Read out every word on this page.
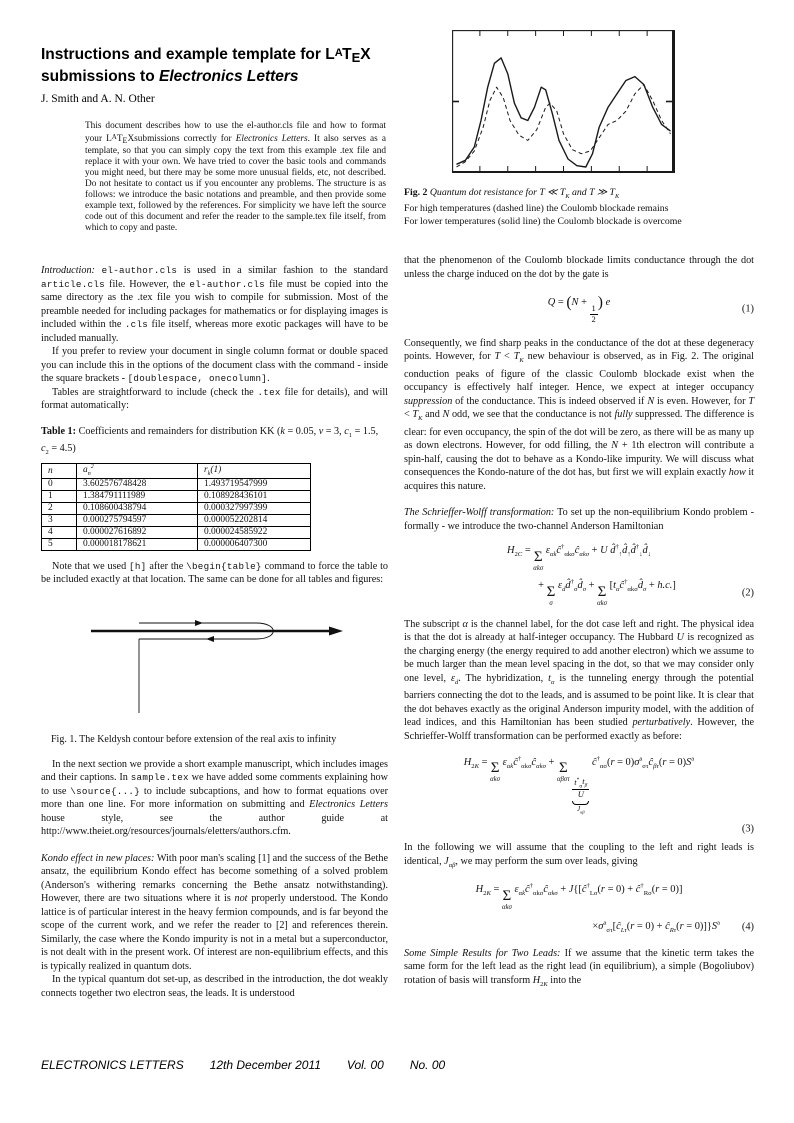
Instructions and example template for LATEX
submissions to Electronics Letters
J. Smith and A. N. Other
This document describes how to use the el-author.cls file and how to format your $L^ATEXsubmissions$ correctly for Electronics Letters. It also serves as a template, so that you can simply copy the text from this example .tex file and replace it with your own. We have tried to cover the basic tools and commands you might need, but there may be some more unusual fields, etc, not described. Do not hesitate to contact us if you encounter any problems. The structure is as follows: we introduce the basic notations and preamble, and then provide some example text, followed by the references. For simplicity we have left the source code out of this document and refer the reader to the sample.tex file itself, from which to copy and paste.

Introduction: el-author.cls is used in a similar fashion to the standard article.cls file. However, the el-author.cls file must be copied into the same directory as the .tex file you wish to compile for submission. Most of the preamble needed for including packages for mathematics or for displaying images is included within the .cls file itself, whereas more exotic packages will have to be included manually.

If you prefer to review your document in single column format or double spaced you can include this in the options of the document class with the command - inside the square brackets - [doublespace, onecolumn].

Tables are straightforward to include (check the .tex file for details), and will format automatically:

Table 1: Coefficients and remainders for distribution KK (k = 0.05, v = 3, $c_1 = 1.5$, $c_2 = 4.5$)
n	$a_n^2$	$r_k(1)$
0	3.602576748428	1.493719547999
1	1.384791111989	0.108928436101
2	0.108600438794	0.000327997399
3	0.000275794597	0.000052202814
4	0.000027616892	0.000024585922
5	0.000018178621	0.000006407300

Note that we used [h] after the \begin{table} command to force the table to be included exactly at that location. The same can be done for all tables and figures:

Fig. 1. The Keldysh contour before extension of the real axis to infinity

In the next section we provide a short example manuscript, which includes images and their captions. In sample.tex we have added some comments explaining how to use \source{...} to include subcaptions, and how to format equations over more than one line. For more information on submitting and Electronics Letters house style, see the author guide at http://www.theiet.org/resources/journals/eletters/authors.cfm.

Kondo effect in new places: With poor man's scaling [1] and the success of the Bethe ansatz, the equilibrium Kondo effect has become something of a solved problem (Anderson's withering remarks concerning the Bethe ansatz notwithstanding). However, there are two situations where it is not properly understood. The Kondo lattice is of particular interest in the heavy fermion compounds, and is far beyond the scope of the current work, and we refer the reader to [2] and references therein. Similarly, the case where the Kondo impurity is not in a metal but a superconductor, is not dealt with in the present work. Of interest are non-equilibrium effects, and this is typically realized in quantum dots.

In the typical quantum dot set-up, as described in the introduction, the dot weakly connects together two electron seas, the leads. It is understood

Fig. 2 Quantum dot resistance for T ≪ $T_K$ and T ≫ $T_K$
For high temperatures (dashed line) the Coulomb blockade remains
For lower temperatures (solid line) the Coulomb blockade is overcome

that the phenomenon of the Coulomb blockade limits conductance through the dot unless the charge induced on the dot by the gate is

Q = (N +
$\frac{1}{2}$
) e
(1)

Consequently, we find sharp peaks in the conductance of the dot at these degeneracy points. However, for $T < T_K$ new behaviour is observed, as in Fig. 2. The original conduction peaks of figure of the classic Coulomb blockade exist when the occupancy is effectively half integer. Hence, we expect at integer occupancy suppression of the conductance. This is indeed observed if N is even. However, for $T < T_K$ and N odd, we see that the conductance is not fully suppressed. The difference is clear: for even occupancy, the spin of the dot will be zero, as there will be as many up as down electrons. However, for odd filling, the N + 1th electron will contribute a spin-half, causing the dot to behave as a Kondo-like impurity. We will discuss what consequences the Kondo-nature of the dot has, but first we will explain exactly how it acquires this nature.

The Schrieffer-Wolff transformation: To set up the non-equilibrium Kondo problem - formally - we introduce the two-channel Anderson Hamiltonian

$H_{2C} = \Sigma$
αkσ
$\varepsilon_{\alpha k}ĉ^\dagger_{\alpha k\sigma}ĉ_{\alpha k\sigma} + U$ $d̂^\dagger_↑d̂_↑d̂^\dagger_↓d̂_↓$
+ Σ
σ
$\varepsilon_dd̂^\dagger_\sigma d̂_\sigma + \Sigma$
αkσ
$[t_\alpha ĉ^\dagger_{\alpha k\sigma}d̂_\sigma + h.c.]$
(2)

The subscript α is the channel label, for the dot case left and right. The physical idea is that the dot is already at half-integer occupancy. The Hubbard U is recognized as the charging energy (the energy required to add another electron) which we assume to be much larger than the mean level spacing in the dot, so that we may consider only one level, $\varepsilon_d$. The hybridization, $t_\alpha$ is the tunneling energy through the potential barriers connecting the dot to the leads, and is assumed to be point like. It is clear that the dot behaves exactly as the original Anderson impurity model, with the addition of lead indices, and this Hamiltonian has been studied perturbatively. However, the Schrieffer-Wolff transformation can be performed exactly as before:

$H_{2K} = \Sigma$
αkσ
$\varepsilon_{\alpha k}ĉ^\dagger_{\alpha k\sigma}ĉ_{\alpha k\sigma} + \Sigma$
αβστ
$\frac{t^*_\alpha t_\beta}{U}$
$J_{\alpha\beta}$
$ĉ^\dagger_{\alpha\sigma}(r$ = $0)\sigma^a_{\sigma\tau}ĉ_{\beta\tau}(r = 0)S^a$
(3)

In the following we will assume that the coupling to the left and right leads is identical, $J_{\alpha\beta}$, we may perform the sum over leads, giving

$H_{2K} = \Sigma$
αkσ
$\varepsilon_{\alpha k}ĉ^\dagger_{\alpha k\sigma}ĉ_{\alpha k\sigma}$ + $J\{[ĉ^\dagger_{L\sigma}(r = 0)$ + $ĉ^\dagger_{R\sigma}(r = 0)$]
$\times\sigma^a_{\sigma\tau}[ĉ_{L\tau}(r = 0)$ + $ĉ_{R\tau}(r = 0)]\}S^a$ (4)

Some Simple Results for Two Leads: If we assume that the kinetic term takes the same form for the left lead as the right lead (in equilibrium), a simple (Bogoliubov) rotation of basis will transform $H_{2K}$ into the

ELECTRONICS LETTERS 12th December 2011 Vol. 00 No. 00
